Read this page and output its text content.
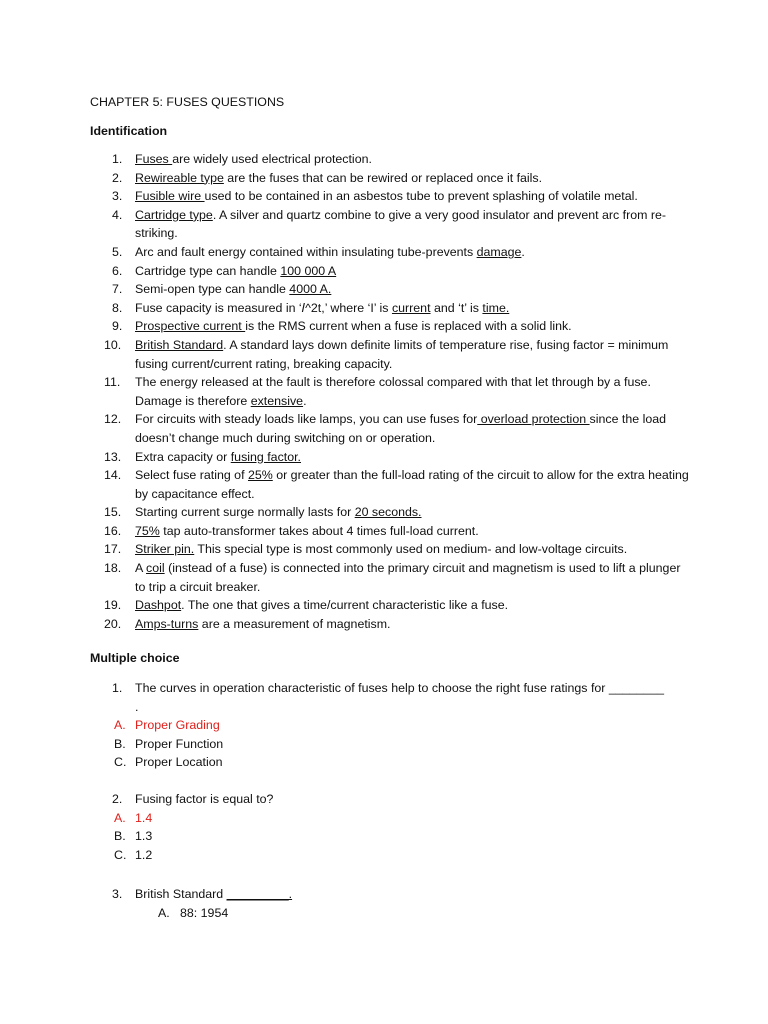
CHAPTER 5: FUSES QUESTIONS
Identification
1. Fuses are widely used electrical protection.
2. Rewireable type are the fuses that can be rewired or replaced once it fails.
3. Fusible wire used to be contained in an asbestos tube to prevent splashing of volatile metal.
4. Cartridge type. A silver and quartz combine to give a very good insulator and prevent arc from re-striking.
5. Arc and fault energy contained within insulating tube-prevents damage.
6. Cartridge type can handle 100 000 A
7. Semi-open type can handle 4000 A.
8. Fuse capacity is measured in ‘𝐼^2t,’ where ‘I’ is current and ‘t’ is time.
9. Prospective current is the RMS current when a fuse is replaced with a solid link.
10. British Standard. A standard lays down definite limits of temperature rise, fusing factor = minimum fusing current/current rating, breaking capacity.
11. The energy released at the fault is therefore colossal compared with that let through by a fuse. Damage is therefore extensive.
12. For circuits with steady loads like lamps, you can use fuses for overload protection since the load doesn’t change much during switching on or operation.
13. Extra capacity or fusing factor.
14. Select fuse rating of 25% or greater than the full-load rating of the circuit to allow for the extra heating by capacitance effect.
15. Starting current surge normally lasts for 20 seconds.
16. 75% tap auto-transformer takes about 4 times full-load current.
17. Striker pin. This special type is most commonly used on medium- and low-voltage circuits.
18. A coil (instead of a fuse) is connected into the primary circuit and magnetism is used to lift a plunger to trip a circuit breaker.
19. Dashpot. The one that gives a time/current characteristic like a fuse.
20. Amps-turns are a measurement of magnetism.
Multiple choice
1. The curves in operation characteristic of fuses help to choose the right fuse ratings for ________
.
A. Proper Grading
B. Proper Function
C. Proper Location
2. Fusing factor is equal to?
A. 1.4
B. 1.3
C. 1.2
3. British Standard _________.
A. 88: 1954
